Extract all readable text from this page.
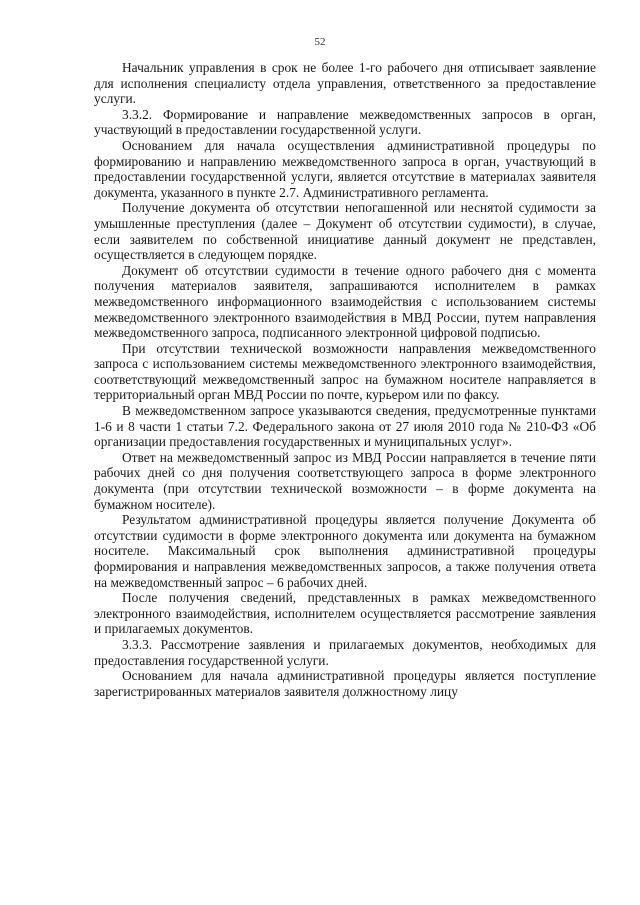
52

Начальник управления в срок не более 1-го рабочего дня отписывает заявление для исполнения специалисту отдела управления, ответственного за предоставление услуги.

3.3.2. Формирование и направление межведомственных запросов в орган, участвующий в предоставлении государственной услуги.

Основанием для начала осуществления административной процедуры по формированию и направлению межведомственного запроса в орган, участвующий в предоставлении государственной услуги, является отсутствие в материалах заявителя документа, указанного в пункте 2.7. Административного регламента.

Получение документа об отсутствии непогашенной или неснятой судимости за умышленные преступления (далее – Документ об отсутствии судимости), в случае, если заявителем по собственной инициативе данный документ не представлен, осуществляется в следующем порядке.

Документ об отсутствии судимости в течение одного рабочего дня с момента получения материалов заявителя, запрашиваются исполнителем в рамках межведомственного информационного взаимодействия с использованием системы межведомственного электронного взаимодействия в МВД России, путем направления межведомственного запроса, подписанного электронной цифровой подписью.

При отсутствии технической возможности направления межведомственного запроса с использованием системы межведомственного электронного взаимодействия, соответствующий межведомственный запрос на бумажном носителе направляется в территориальный орган МВД России по почте, курьером или по факсу.

В межведомственном запросе указываются сведения, предусмотренные пунктами 1-6 и 8 части 1 статьи 7.2. Федерального закона от 27 июля 2010 года № 210-ФЗ «Об организации предоставления государственных и муниципальных услуг».

Ответ на межведомственный запрос из МВД России направляется в течение пяти рабочих дней со дня получения соответствующего запроса в форме электронного документа (при отсутствии технической возможности – в форме документа на бумажном носителе).

Результатом административной процедуры является получение Документа об отсутствии судимости в форме электронного документа или документа на бумажном носителе. Максимальный срок выполнения административной процедуры формирования и направления межведомственных запросов, а также получения ответа на межведомственный запрос – 6 рабочих дней.

После получения сведений, представленных в рамках межведомственного электронного взаимодействия, исполнителем осуществляется рассмотрение заявления и прилагаемых документов.

3.3.3. Рассмотрение заявления и прилагаемых документов, необходимых для предоставления государственной услуги.

Основанием для начала административной процедуры является поступление зарегистрированных материалов заявителя должностному лицу
